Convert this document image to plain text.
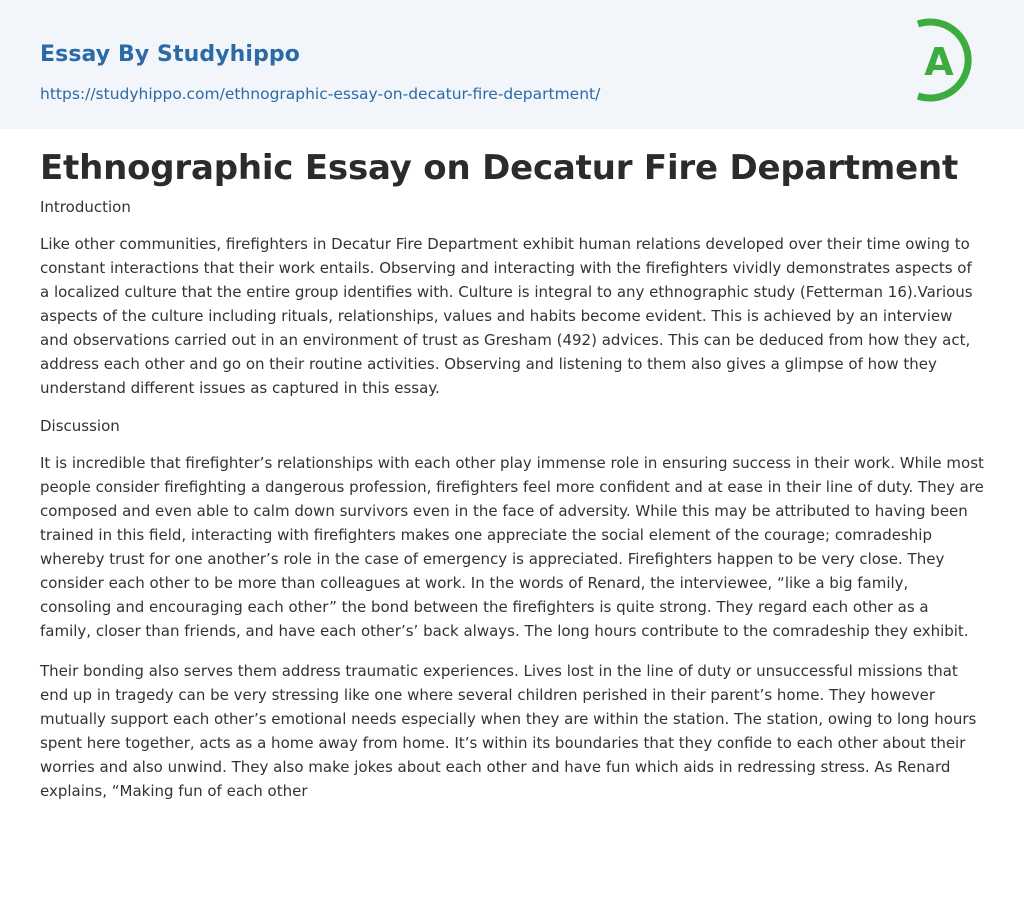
Essay By Studyhippo
https://studyhippo.com/ethnographic-essay-on-decatur-fire-department/
A
Ethnographic Essay on Decatur Fire Department
Introduction

Like other communities, firefighters in Decatur Fire Department exhibit human relations developed over their time owing to constant interactions that their work entails. Observing and interacting with the firefighters vividly demonstrates aspects of a localized culture that the entire group identifies with. Culture is integral to any ethnographic study (Fetterman 16).Various aspects of the culture including rituals, relationships, values and habits become evident. This is achieved by an interview and observations carried out in an environment of trust as Gresham (492) advices. This can be deduced from how they act, address each other and go on their routine activities. Observing and listening to them also gives a glimpse of how they understand different issues as captured in this essay.

Discussion

It is incredible that firefighter’s relationships with each other play immense role in ensuring success in their work. While most people consider firefighting a dangerous profession, firefighters feel more confident and at ease in their line of duty. They are composed and even able to calm down survivors even in the face of adversity. While this may be attributed to having been trained in this field, interacting with firefighters makes one appreciate the social element of the courage; comradeship whereby trust for one another’s role in the case of emergency is appreciated. Firefighters happen to be very close. They consider each other to be more than colleagues at work. In the words of Renard, the interviewee, “like a big family, consoling and encouraging each other” the bond between the firefighters is quite strong. They regard each other as a family, closer than friends, and have each other’s’ back always. The long hours contribute to the comradeship they exhibit.

Their bonding also serves them address traumatic experiences. Lives lost in the line of duty or unsuccessful missions that end up in tragedy can be very stressing like one where several children perished in their parent’s home. They however mutually support each other’s emotional needs especially when they are within the station. The station, owing to long hours spent here together, acts as a home away from home. It’s within its boundaries that they confide to each other about their worries and also unwind. They also make jokes about each other and have fun which aids in redressing stress. As Renard explains, “Making fun of each other
